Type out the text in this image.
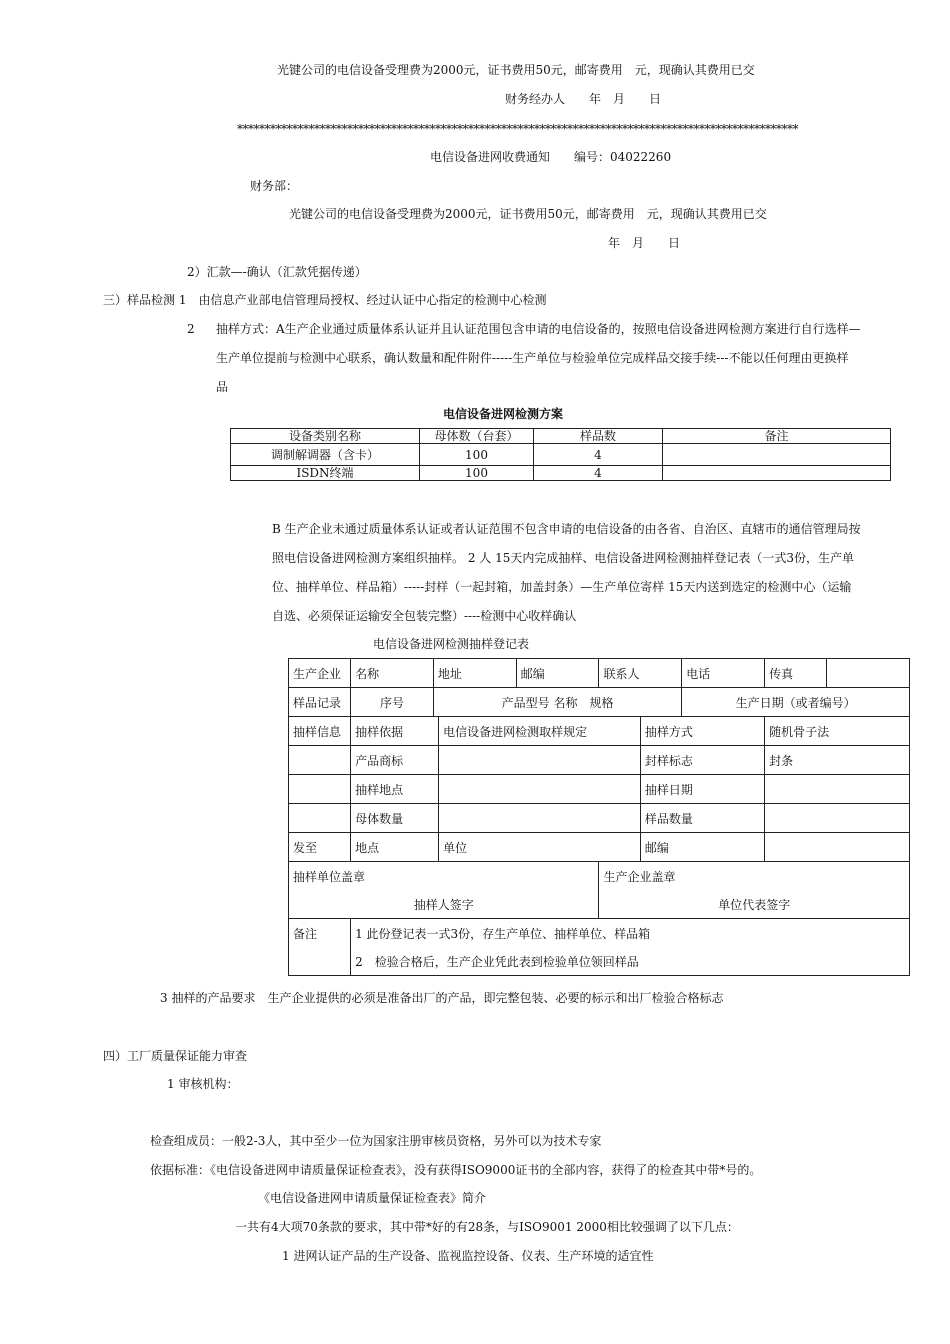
光键公司的电信设备受理费为2000元，证书费用50元，邮寄费用　元，现确认其费用已交
财务经办人　　年　月　　日
******************************************************************************************************
电信设备进网收费通知　　编号：04022260
财务部：
光键公司的电信设备受理费为2000元，证书费用50元，邮寄费用　元，现确认其费用已交
年　月　　日
2）汇款—-确认（汇款凭据传递）
三）样品检测 1　由信息产业部电信管理局授权、经过认证中心指定的检测中心检测
2 抽样方式：A生产企业通过质量体系认证并且认证范围包含申请的电信设备的，按照电信设备进网检测方案进行自行选样—
生产单位提前与检测中心联系，确认数量和配件附件-----生产单位与检验单位完成样品交接手续---不能以任何理由更换样
品
电信设备进网检测方案
设备类别名称	母体数（台套）	样品数	备注
调制解调器（含卡）	100	4	
ISDN终端	100	4	
B 生产企业未通过质量体系认证或者认证范围不包含申请的电信设备的由各省、自治区、直辖市的通信管理局按
照电信设备进网检测方案组织抽样。 2 人 15天内完成抽样、电信设备进网检测抽样登记表（一式3份，生产单
位、抽样单位、样品箱）-----封样（一起封箱，加盖封条）—生产单位寄样 15天内送到选定的检测中心（运输
自选、必须保证运输安全包装完整）----检测中心收样确认
电信设备进网检测抽样登记表
生产企业	名称	地址		邮编	联系人		电话	传真	
样品记录	序号	产品型号 名称　规格					生产日期（或者编号）		
抽样信息	抽样依据		电信设备进网检测取样规定			抽样方式		随机骨子法	
	产品商标					封样标志		封条	
	抽样地点					抽样日期			
	母体数量					样品数量			
发至	地点		单位			邮编			
抽样单位盖章					生产企业盖章				
抽样人签字					单位代表签字				
备注	1 此份登记表一式3份，存生产单位、抽样单位、样品箱								
	2　检验合格后，生产企业凭此表到检验单位领回样品								
3 抽样的产品要求　生产企业提供的必须是准备出厂的产品，即完整包装、必要的标示和出厂检验合格标志
四）工厂质量保证能力审查
1 审核机构：
检查组成员：一般2-3人，其中至少一位为国家注册审核员资格，另外可以为技术专家
依据标准：《电信设备进网申请质量保证检查表》，没有获得ISO9000证书的全部内容，获得了的检查其中带*号的。
《电信设备进网申请质量保证检查表》简介
一共有4大项70条款的要求，其中带*好的有28条，与ISO9001 2000相比较强调了以下几点：
1 进网认证产品的生产设备、监视监控设备、仪表、生产环境的适宜性
